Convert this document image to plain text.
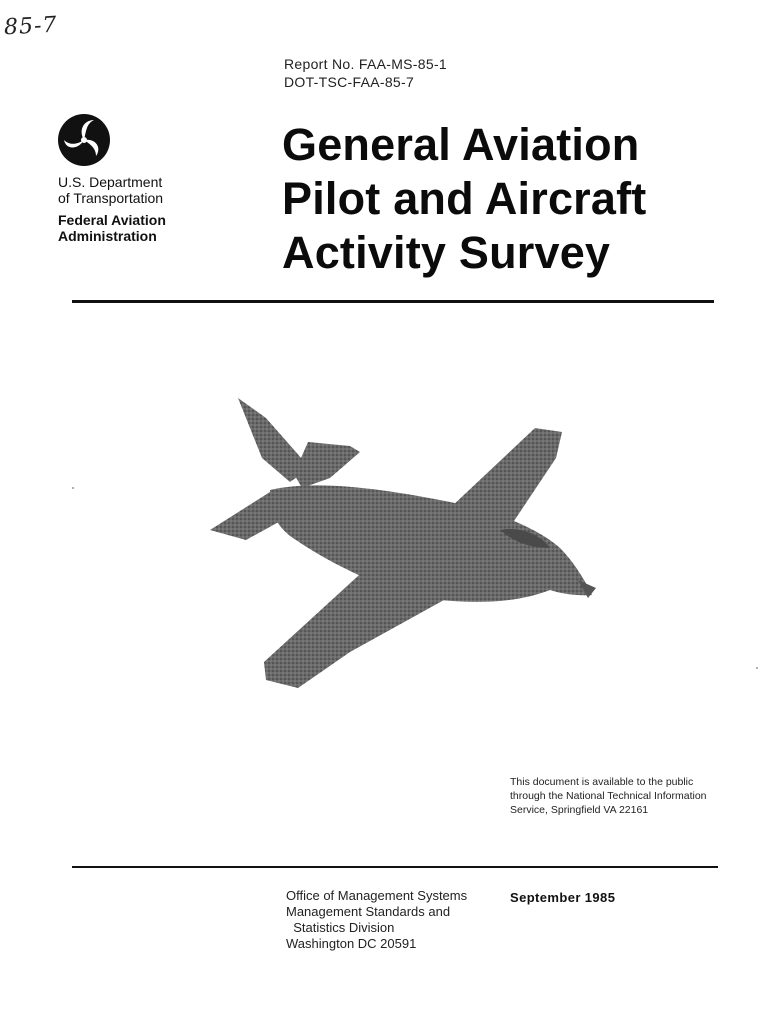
85-7
Report No. FAA-MS-85-1
DOT-TSC-FAA-85-7
U.S. Department
of Transportation
Federal Aviation
Administration
General Aviation
Pilot and Aircraft
Activity Survey
This document is available to the public
through the National Technical Information
Service, Springfield VA 22161
Office of Management Systems
Management Standards and
Statistics Division
Washington DC 20591
September 1985
